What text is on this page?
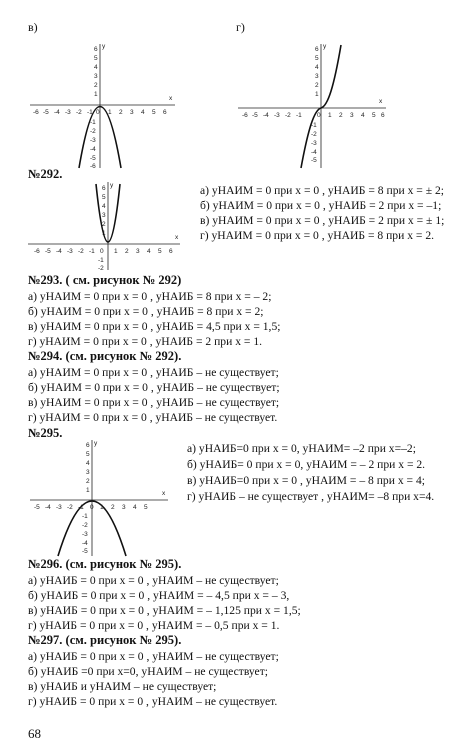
в)	г)
x
y
-6 -5 -4 -3 -2 -1 0 1 2 3 4 5 6
6
5
4
3
2
1
-1
-2
-3
-4
-5
-6
x
y
-6 -5 -4 -3 -2 -1 0 1 2 3 4 5 6
6
5
4
3
2
1
-1
-2
-3
-4
-5
№292.
x
y
-6 -5 -4 -3 -2 -1 0 1 2 3 4 5 6
6
5
4
3
2
1
-1
-2
а) yНАИМ = 0 при x = 0 , yНАИБ = 8 при x = ± 2;
б) yНАИМ = 0 при x = 0 , yНАИБ = 2 при x = –1;
в) yНАИМ = 0 при x = 0 , yНАИБ = 2 при x = ± 1;
г) yНАИМ = 0 при x = 0 , yНАИБ = 8 при x = 2.
№293. ( см. рисунок № 292)
а) yНАИМ = 0 при x = 0 , yНАИБ = 8 при x = – 2;
б) yНАИМ = 0 при x = 0 , yНАИБ = 8 при x = 2;
в) yНАИМ = 0 при x = 0 , yНАИБ = 4,5 при x = 1,5;
г) yНАИМ = 0 при x = 0 , yНАИБ = 2 при x = 1.
№294. (см. рисунок № 292).
а) yНАИМ = 0 при x = 0 , yНАИБ – не существует;
б) yНАИМ = 0 при x = 0 , yНАИБ – не существует;
в) yНАИМ = 0 при x = 0 , yНАИБ – не существует;
г) yНАИМ = 0 при x = 0 , yНАИБ – не существует.
№295.
x
y
-5 -4 -3 -2 -1 0 1 2 3 4 5
6
5
4
3
2
1
-1
-2
-3
-4
-5
а) yНАИБ=0 при x = 0, yНАИМ= –2 при x=–2;
б) yНАИБ= 0 при x = 0, yНАИМ = – 2 при x = 2.
в) yНАИБ=0 при x = 0 , yНАИМ = – 8 при x = 4;
г) yНАИБ – не существует , yНАИМ= –8 при x=4.
№296. (см. рисунок № 295).
а) yНАИБ = 0 при x = 0 , yНАИМ – не существует;
б) yНАИБ = 0 при x = 0 , yНАИМ = – 4,5 при x = – 3,
в) yНАИБ = 0 при x = 0 , yНАИМ = – 1,125 при x = 1,5;
г) yНАИБ = 0 при x = 0 , yНАИМ = – 0,5 при x = 1.
№297. (см. рисунок № 295).
а) yНАИБ = 0 при x = 0 , yНАИМ – не существует;
б) yНАИБ =0 при x=0, yНАИМ – не существует;
в) yНАИБ и yНАИМ – не существует;
г) yНАИБ = 0 при x = 0 , yНАИМ – не существует.
68
